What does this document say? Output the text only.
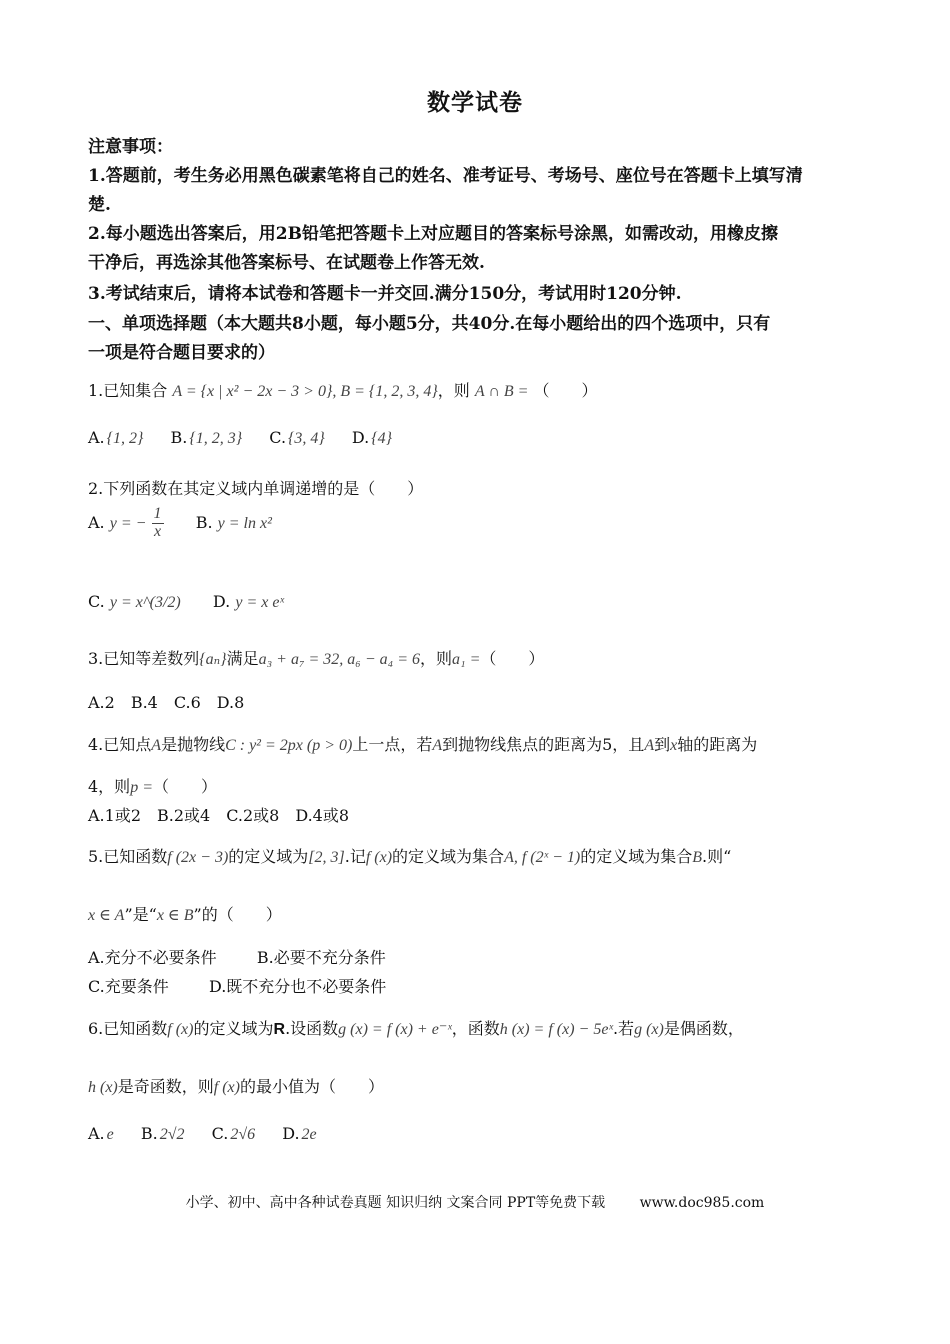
数学试卷
注意事项：
1.答题前，考生务必用黑色碳素笔将自己的姓名、准考证号、考场号、座位号在答题卡上填写清
楚.
2.每小题选出答案后，用2B铅笔把答题卡上对应题目的答案标号涂黑，如需改动，用橡皮擦
干净后，再选涂其他答案标号、在试题卷上作答无效.
3.考试结束后，请将本试卷和答题卡一并交回.满分150分，考试用时120分钟.
一、单项选择题（本大题共8小题，每小题5分，共40分.在每小题给出的四个选项中，只有
一项是符合题目要求的）
1.已知集合 A = {x | x² − 2x − 3 > 0}, B = {1, 2, 3, 4}，则 A ∩ B = （　　）
A. {1, 2} B. {1, 2, 3} C. {3, 4} D. {4}
2.下列函数在其定义域内单调递增的是（　　）
A. y = − $\frac{1}{x} B$. y = ln x²
C. y = x^(3/2) D. y = x eˣ
3.已知等差数列{aₙ}满足a₃ + a₇ = 32, a₆ − a₄ = 6，则a₁ =（　　）
A.2　B.4　C.6　D.8
4.已知点A是抛物线C : y² = 2px (p > 0)上一点，若A到抛物线焦点的距离为5，且A到x轴的距离为
4，则p =（　　）
A.1或2　B.2或4　C.2或8　D.4或8
5.已知函数f (2x − 3)的定义域为[2, 3].记f (x)的定义域为集合A, f (2ˣ − 1)的定义域为集合B.则“
x ∈ A”是“x ∈ B”的（　　）
A.充分不必要条件	B.必要不充分条件
C.充要条件	D.既不充分也不必要条件
6.已知函数f (x)的定义域为R.设函数g (x) = f (x) + e⁻ˣ，函数h (x) = f (x) − 5eˣ.若g (x)是偶函数，
h (x)是奇函数，则f (x)的最小值为（　　）
A. e B. 2√2 C. 2√6 D. 2e
小学、初中、高中各种试卷真题 知识归纳 文案合同 PPT等免费下载 www.doc985.com
